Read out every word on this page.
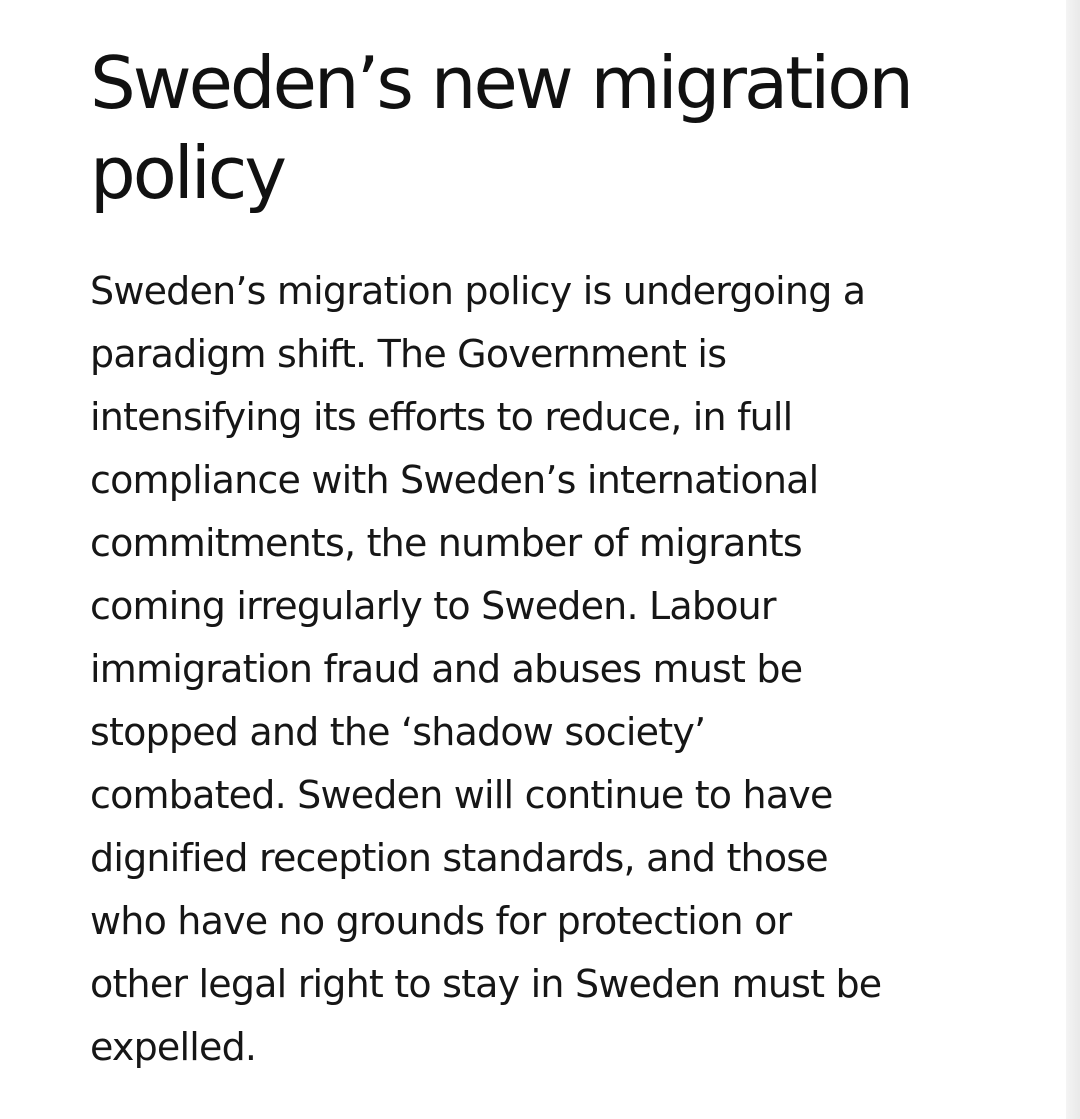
Sweden’s new migration
policy

Sweden’s migration policy is undergoing a
paradigm shift. The Government is
intensifying its efforts to reduce, in full
compliance with Sweden’s international
commitments, the number of migrants
coming irregularly to Sweden. Labour
immigration fraud and abuses must be
stopped and the ‘shadow society’
combated. Sweden will continue to have
dignified reception standards, and those
who have no grounds for protection or
other legal right to stay in Sweden must be
expelled.
